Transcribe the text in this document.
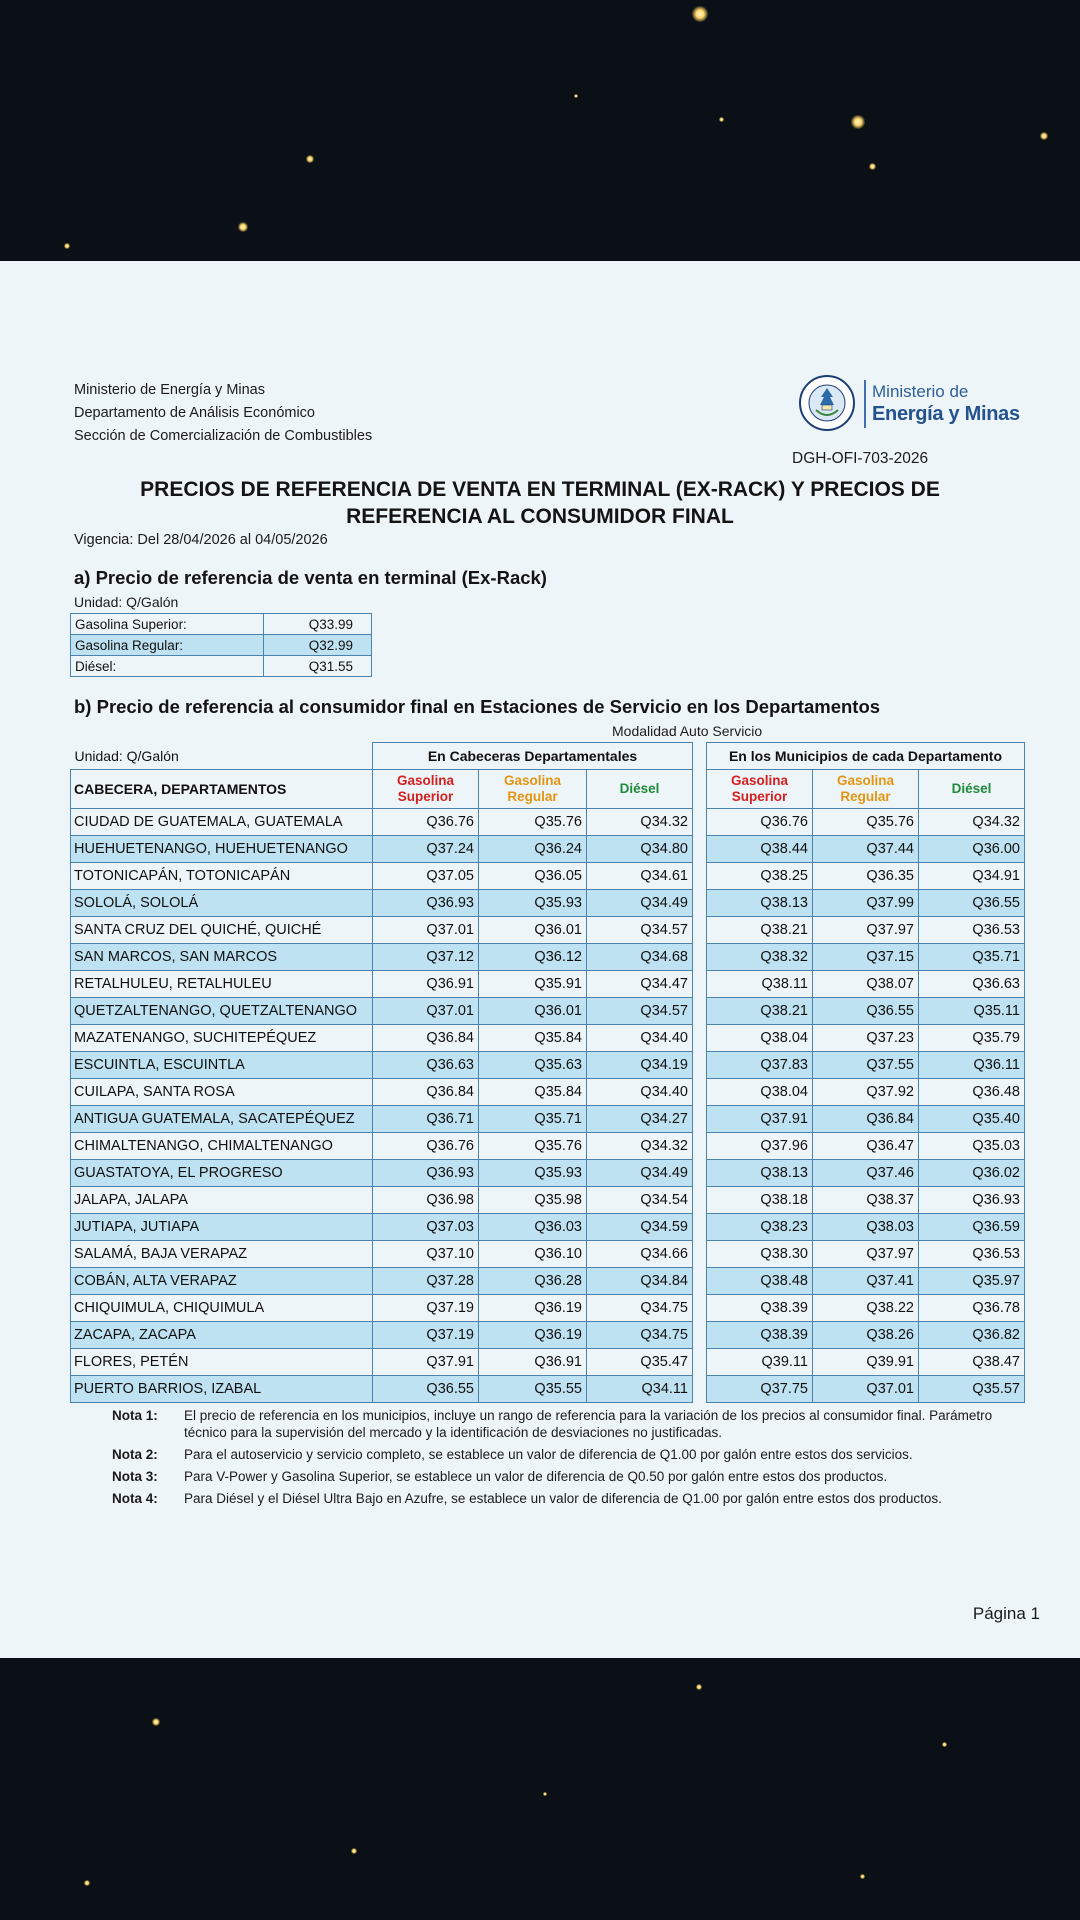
Ministerio de Energía y Minas
Departamento de Análisis Económico
Sección de Comercialización de Combustibles
Ministerio de
Energía y Minas
DGH-OFI-703-2026
PRECIOS DE REFERENCIA DE VENTA EN TERMINAL (EX-RACK) Y PRECIOS DE
REFERENCIA AL CONSUMIDOR FINAL
Vigencia: Del 28/04/2026 al 04/05/2026
a) Precio de referencia de venta en terminal (Ex-Rack)
Unidad: Q/Galón
Gasolina Superior:	Q33.99
Gasolina Regular:	Q32.99
Diésel:	Q31.55
b) Precio de referencia al consumidor final en Estaciones de Servicio en los Departamentos
Modalidad Auto Servicio
Unidad: Q/Galón	En Cabeceras Departamentales				En los Municipios de cada Departamento		
CABECERA, DEPARTAMENTOS	Gasolina Superior	Gasolina Regular	Diésel		Gasolina Superior	Gasolina Regular	Diésel
CIUDAD DE GUATEMALA, GUATEMALA	Q36.76	Q35.76	Q34.32		Q36.76	Q35.76	Q34.32
HUEHUETENANGO, HUEHUETENANGO	Q37.24	Q36.24	Q34.80		Q38.44	Q37.44	Q36.00
TOTONICAPÁN, TOTONICAPÁN	Q37.05	Q36.05	Q34.61		Q38.25	Q36.35	Q34.91
SOLOLÁ, SOLOLÁ	Q36.93	Q35.93	Q34.49		Q38.13	Q37.99	Q36.55
SANTA CRUZ DEL QUICHÉ, QUICHÉ	Q37.01	Q36.01	Q34.57		Q38.21	Q37.97	Q36.53
SAN MARCOS, SAN MARCOS	Q37.12	Q36.12	Q34.68		Q38.32	Q37.15	Q35.71
RETALHULEU, RETALHULEU	Q36.91	Q35.91	Q34.47		Q38.11	Q38.07	Q36.63
QUETZALTENANGO, QUETZALTENANGO	Q37.01	Q36.01	Q34.57		Q38.21	Q36.55	Q35.11
MAZATENANGO, SUCHITEPÉQUEZ	Q36.84	Q35.84	Q34.40		Q38.04	Q37.23	Q35.79
ESCUINTLA, ESCUINTLA	Q36.63	Q35.63	Q34.19		Q37.83	Q37.55	Q36.11
CUILAPA, SANTA ROSA	Q36.84	Q35.84	Q34.40		Q38.04	Q37.92	Q36.48
ANTIGUA GUATEMALA, SACATEPÉQUEZ	Q36.71	Q35.71	Q34.27		Q37.91	Q36.84	Q35.40
CHIMALTENANGO, CHIMALTENANGO	Q36.76	Q35.76	Q34.32		Q37.96	Q36.47	Q35.03
GUASTATOYA, EL PROGRESO	Q36.93	Q35.93	Q34.49		Q38.13	Q37.46	Q36.02
JALAPA, JALAPA	Q36.98	Q35.98	Q34.54		Q38.18	Q38.37	Q36.93
JUTIAPA, JUTIAPA	Q37.03	Q36.03	Q34.59		Q38.23	Q38.03	Q36.59
SALAMÁ, BAJA VERAPAZ	Q37.10	Q36.10	Q34.66		Q38.30	Q37.97	Q36.53
COBÁN, ALTA VERAPAZ	Q37.28	Q36.28	Q34.84		Q38.48	Q37.41	Q35.97
CHIQUIMULA, CHIQUIMULA	Q37.19	Q36.19	Q34.75		Q38.39	Q38.22	Q36.78
ZACAPA, ZACAPA	Q37.19	Q36.19	Q34.75		Q38.39	Q38.26	Q36.82
FLORES, PETÉN	Q37.91	Q36.91	Q35.47		Q39.11	Q39.91	Q38.47
PUERTO BARRIOS, IZABAL	Q36.55	Q35.55	Q34.11		Q37.75	Q37.01	Q35.57
Nota 1:	El precio de referencia en los municipios, incluye un rango de referencia para la variación de los precios al consumidor final. Parámetro técnico para la supervisión del mercado y la identificación de desviaciones no justificadas.
Nota 2:	Para el autoservicio y servicio completo, se establece un valor de diferencia de Q1.00 por galón entre estos dos servicios.
Nota 3:	Para V-Power y Gasolina Superior, se establece un valor de diferencia de Q0.50 por galón entre estos dos productos.
Nota 4:	Para Diésel y el Diésel Ultra Bajo en Azufre, se establece un valor de diferencia de Q1.00 por galón entre estos dos productos.
Página 1
